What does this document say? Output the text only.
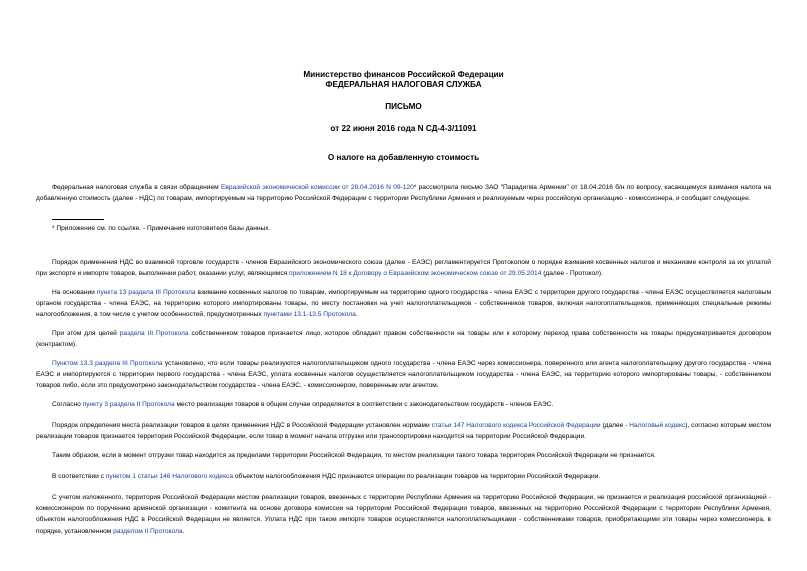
Министерство финансов Российской Федерации
ФЕДЕРАЛЬНАЯ НАЛОГОВАЯ СЛУЖБА
ПИСЬМО
от 22 июня 2016 года N СД-4-3/11091
О налоге на добавленную стоимость

Федеральная налоговая служба в связи обращением Евразийской экономической комиссии от 28.04.2016 N 09-120* рассмотрела письмо ЗАО "Парадигма Армении" от 18.04.2016 б/н по вопросу, касающемуся взимания налога на добавленную стоимость (далее - НДС) по товарам, импортируемым на территорию Российской Федерации с территории Республики Армения и реализуемым через российскую организацию - комиссионера, и сообщает следующее.

* Приложение см. по ссылке. - Примечание изготовителя базы данных.

Порядок применения НДС во взаимной торговле государств - членов Евразийского экономического союза (далее - ЕАЭС) регламентируется Протоколом о порядке взимания косвенных налогов и механизме контроля за их уплатой при экспорте и импорте товаров, выполнении работ, оказании услуг, являющимся приложением N 18 к Договору о Евразийском экономическом союзе от 29.05.2014 (далее - Протокол).

На основании пункта 13 раздела III Протокола взимание косвенных налогов по товарам, импортируемым на территорию одного государства - члена ЕАЭС с территории другого государства - члена ЕАЭС осуществляется налоговым органом государства - члена ЕАЭС, на территорию которого импортированы товары, по месту постановки на учет налогоплательщиков - собственников товаров, включая налогоплательщиков, применяющих специальные режимы налогообложения, в том числе с учетом особенностей, предусмотренных пунктами 13.1-13.5 Протокола.

При этом для целей раздела III Протокола собственником товаров признается лицо, которое обладает правом собственности на товары или к которому переход права собственности на товары предусматривается договором (контрактом).

Пунктом 13.3 раздела III Протокола установлено, что если товары реализуются налогоплательщиком одного государства - члена ЕАЭС через комиссионера, поверенного или агента налогоплательщику другого государства - члена ЕАЭС и импортируются с территории первого государства - члена ЕАЭС, уплата косвенных налогов осуществляется налогоплательщиком государства - члена ЕАЭС, на территорию которого импортированы товары, - собственником товаров либо, если это предусмотрено законодательством государства - члена ЕАЭС, - комиссионером, поверенным или агентом.

Согласно пункту 3 раздела II Протокола место реализации товаров в общем случае определяется в соответствии с законодательством государств - членов ЕАЭС.

Порядок определения места реализации товаров в целях применения НДС в Российской Федерации установлен нормами статьи 147 Налогового кодекса Российской Федерации (далее - Налоговый кодекс), согласно которым местом реализации товаров признается территория Российской Федерации, если товар в момент начала отгрузки или транспортировки находится на территории Российской Федерации.

Таким образом, если в момент отгрузки товар находится за пределами территории Российской Федерации, то местом реализации такого товара территория Российской Федерации не признается.

В соответствии с пунктом 1 статьи 146 Налогового кодекса объектом налогообложения НДС признаются операции по реализации товаров на территории Российской Федерации.

С учетом изложенного, территория Российской Федерации местом реализации товаров, ввезенных с территории Республики Армения на территорию Российской Федерации, не признается и реализация российской организацией - комиссионером по поручению армянской организации - комитента на основе договора комиссии на территории Российской Федерации товаров, ввезенных на территорию Российской Федерации с территории Республики Армения, объектом налогообложения НДС в Российской Федерации не является. Уплата НДС при таком импорте товаров осуществляется налогоплательщиками - собственниками товаров, приобретающими эти товары через комиссионера, в порядке, установленном разделом II Протокола.
